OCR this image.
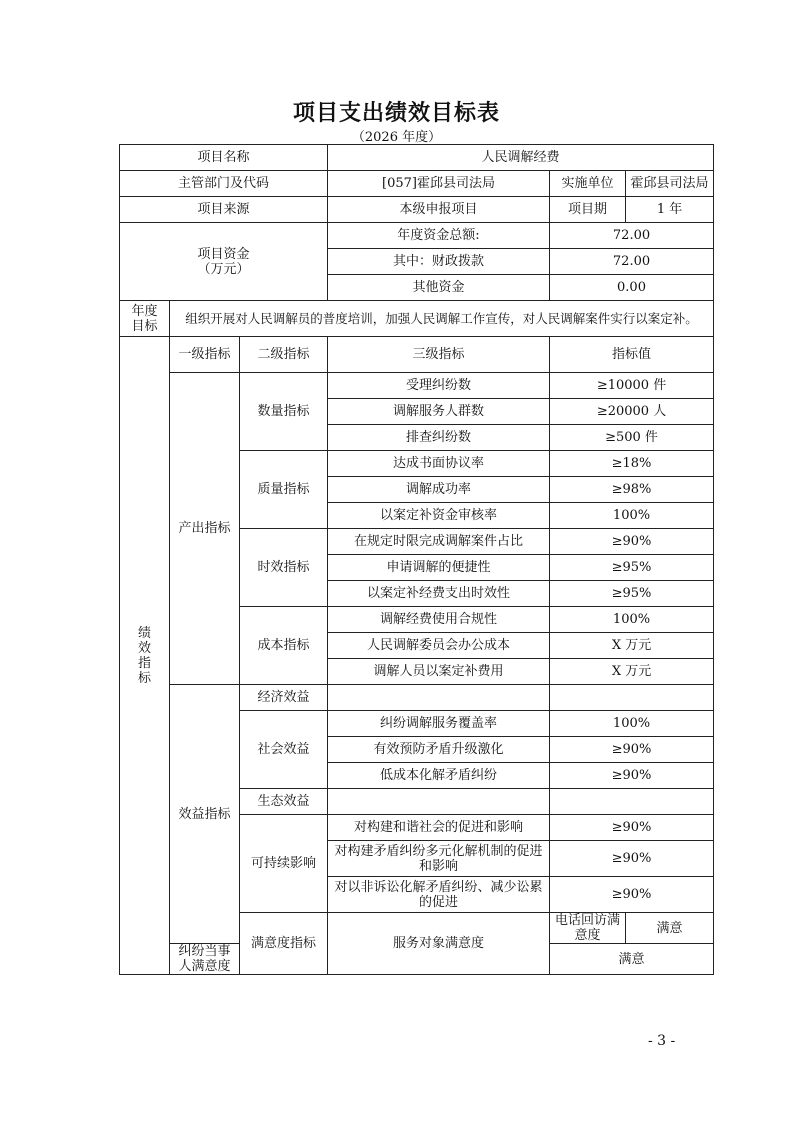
项目支出绩效目标表
（2026 年度）
项目名称			人民调解经费		
主管部门及代码			[057]霍邱县司法局	实施单位	霍邱县司法局
项目来源			本级申报项目	项目期	1 年

项目资金
（万元）			年度资金总额:	72.00	
			其中：财政拨款	72.00	
			其他资金	0.00	

年度
目标	组织开展对人民调解员的普度培训，加强人民调解工作宣传，对人民调解案件实行以案定补。				

绩
效
指
标	一级指标	二级指标	三级指标	指标值	
	产出指标	数量指标	受理纠纷数	≥10000 件	
			调解服务人群数	≥20000 人	
			排查纠纷数	≥500 件	
		质量指标	达成书面协议率	≥18%	
			调解成功率	≥98%	
			以案定补资金审核率	100%	
		时效指标	在规定时限完成调解案件占比	≥90%	
			申请调解的便捷性	≥95%	
			以案定补经费支出时效性	≥95%	
		成本指标	调解经费使用合规性	100%	
			人民调解委员会办公成本	X 万元	
			调解人员以案定补费用	X 万元	
	效益指标	经济效益			
		社会效益	纠纷调解服务覆盖率	100%	
			有效预防矛盾升级激化	≥90%	
			低成本化解矛盾纠纷	≥90%	
		生态效益			
		可持续影响	对构建和谐社会的促进和影响	≥90%	
			对构建矛盾纠纷多元化解机制的促进和影响	≥90%	
			对以非诉讼化解矛盾纠纷、减少讼累的促进	≥90%	
		满意度指标	服务对象满意度	电话回访满意度	满意
	纠纷当事人满意度			满意	
- 3 -
